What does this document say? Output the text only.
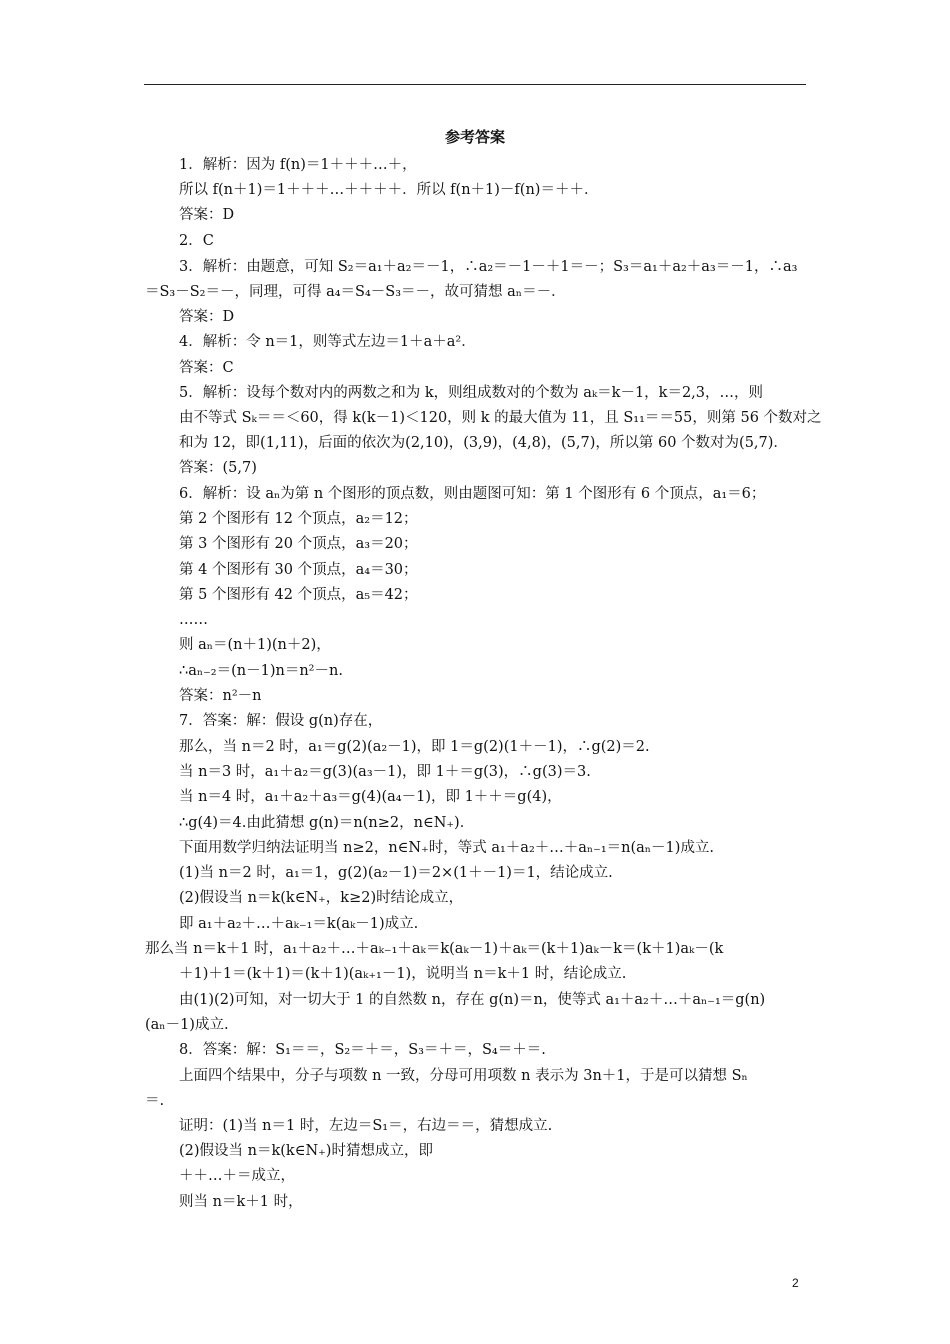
参考答案
1．解析：因为 f(n)＝1＋＋＋…＋，
所以 f(n＋1)＝1＋＋＋…＋＋＋＋．所以 f(n＋1)－f(n)＝＋＋．
答案：D
2．C
3．解析：由题意，可知 S₂＝a₁＋a₂＝－1，∴a₂＝－1－＋1＝－；S₃＝a₁＋a₂＋a₃＝－1，∴a₃
＝S₃－S₂＝－，同理，可得 a₄＝S₄－S₃＝－，故可猜想 aₙ＝－．
答案：D
4．解析：令 n＝1，则等式左边＝1＋a＋a²．
答案：C
5．解析：设每个数对内的两数之和为 k，则组成数对的个数为 aₖ＝k－1，k＝2,3，…，则
由不等式 Sₖ＝＝＜60，得 k(k－1)＜120，则 k 的最大值为 11，且 S₁₁＝＝55，则第 56 个数对之
和为 12，即(1,11)，后面的依次为(2,10)，(3,9)，(4,8)，(5,7)，所以第 60 个数对为(5,7)．
答案：(5,7)
6．解析：设 aₙ为第 n 个图形的顶点数，则由题图可知：第 1 个图形有 6 个顶点，a₁＝6；
第 2 个图形有 12 个顶点，a₂＝12；
第 3 个图形有 20 个顶点，a₃＝20；
第 4 个图形有 30 个顶点，a₄＝30；
第 5 个图形有 42 个顶点，a₅＝42；
……
则 aₙ＝(n＋1)(n＋2)，
∴aₙ₋₂＝(n－1)n＝n²－n.
答案：n²－n
7．答案：解：假设 g(n)存在，
那么，当 n＝2 时，a₁＝g(2)(a₂－1)，即 1＝g(2)(1＋－1)，∴g(2)＝2.
当 n＝3 时，a₁＋a₂＝g(3)(a₃－1)，即 1＋＝g(3)，∴g(3)＝3.
当 n＝4 时，a₁＋a₂＋a₃＝g(4)(a₄－1)，即 1＋＋＝g(4)，
∴g(4)＝4.由此猜想 g(n)＝n(n≥2，n∈N₊)．
下面用数学归纳法证明当 n≥2，n∈N₊时，等式 a₁＋a₂＋…＋aₙ₋₁＝n(aₙ－1)成立.
(1)当 n＝2 时，a₁＝1，g(2)(a₂－1)＝2×(1＋－1)＝1，结论成立.
(2)假设当 n＝k(k∈N₊，k≥2)时结论成立，
即 a₁＋a₂＋…＋aₖ₋₁＝k(aₖ－1)成立.
那么当 n＝k＋1 时，a₁＋a₂＋…＋aₖ₋₁＋aₖ＝k(aₖ－1)＋aₖ＝(k＋1)aₖ－k＝(k＋1)aₖ－(k
＋1)＋1＝(k＋1)＝(k＋1)(aₖ₊₁－1)，说明当 n＝k＋1 时，结论成立.
由(1)(2)可知，对一切大于 1 的自然数 n，存在 g(n)＝n，使等式 a₁＋a₂＋…＋aₙ₋₁＝g(n)
(aₙ－1)成立.
8．答案：解：S₁＝＝，S₂＝＋＝，S₃＝＋＝，S₄＝＋＝.
上面四个结果中，分子与项数 n 一致，分母可用项数 n 表示为 3n＋1，于是可以猜想 Sₙ
＝.
证明：(1)当 n＝1 时，左边＝S₁＝，右边＝＝，猜想成立.
(2)假设当 n＝k(k∈N₊)时猜想成立，即
＋＋…＋＝成立，
则当 n＝k＋1 时，
2
